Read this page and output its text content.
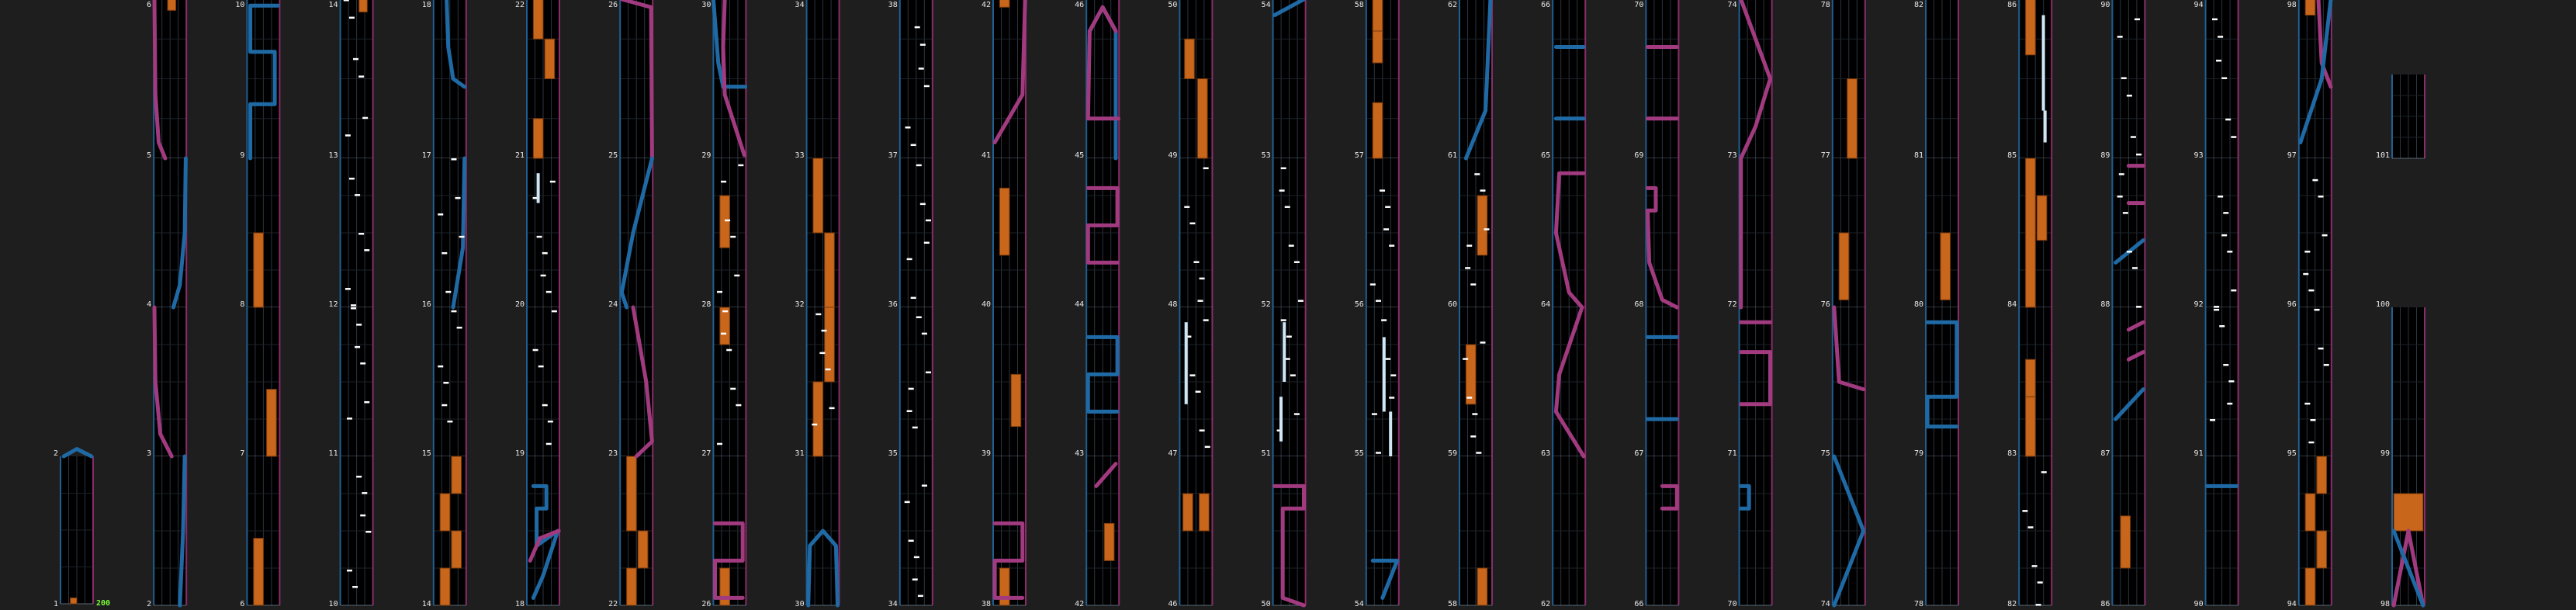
2
1	200
6
5
4
3
2
10
9
8
7
6
14
13
12
11
10
18
17
16
15
14
22
21
20
19
18
26
25
24
23
22
30
29
28
27
26
34
33
32
31
30
38
37
36
35
34
42
41
40
39
38
46
45
44
43
42
50
49
48
47
46
54
53
52
51
50
58
57
56
55
54
62
61
60
59
58
66
65
64
63
62
70
69
68
67
66
74
73
72
71
70
78
77
76
75
74
82
81
80
79
78
86
85
84
83
82
90
89
88
87
86
94
93
92
91
90
98
97
96
95
94
101
100
99
98
